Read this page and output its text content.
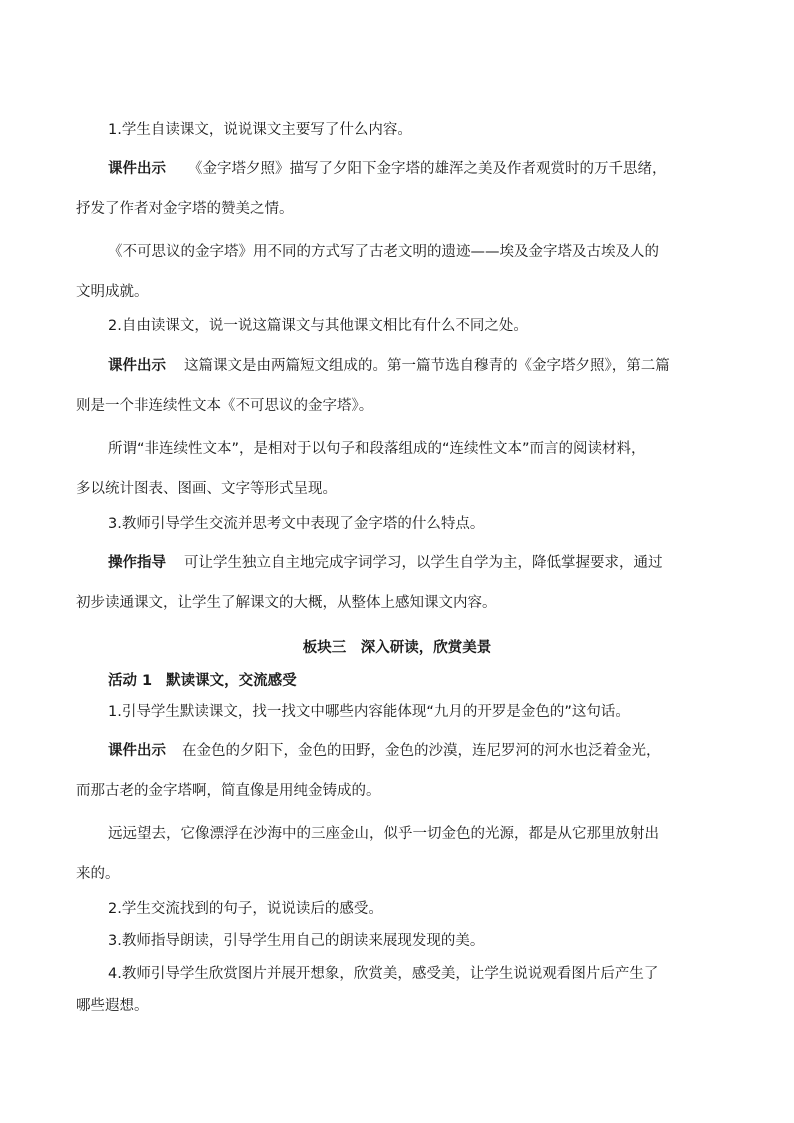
1.学生自读课文，说说课文主要写了什么内容。
课件出示 《金字塔夕照》描写了夕阳下金字塔的雄浑之美及作者观赏时的万千思绪，
抒发了作者对金字塔的赞美之情。
《不可思议的金字塔》用不同的方式写了古老文明的遗迹——埃及金字塔及古埃及人的
文明成就。
2.自由读课文，说一说这篇课文与其他课文相比有什么不同之处。
课件出示 这篇课文是由两篇短文组成的。第一篇节选自穆青的《金字塔夕照》，第二篇
则是一个非连续性文本《不可思议的金字塔》。
所谓“非连续性文本”，是相对于以句子和段落组成的“连续性文本”而言的阅读材料，
多以统计图表、图画、文字等形式呈现。
3.教师引导学生交流并思考文中表现了金字塔的什么特点。
操作指导 可让学生独立自主地完成字词学习，以学生自学为主，降低掌握要求，通过
初步读通课文，让学生了解课文的大概，从整体上感知课文内容。
板块三　深入研读，欣赏美景
活动 1 默读课文，交流感受
1.引导学生默读课文，找一找文中哪些内容能体现“九月的开罗是金色的”这句话。
课件出示 在金色的夕阳下，金色的田野，金色的沙漠，连尼罗河的河水也泛着金光，
而那古老的金字塔啊，简直像是用纯金铸成的。
远远望去，它像漂浮在沙海中的三座金山，似乎一切金色的光源，都是从它那里放射出
来的。
2.学生交流找到的句子，说说读后的感受。
3.教师指导朗读，引导学生用自己的朗读来展现发现的美。
4.教师引导学生欣赏图片并展开想象，欣赏美，感受美，让学生说说观看图片后产生了
哪些遐想。
